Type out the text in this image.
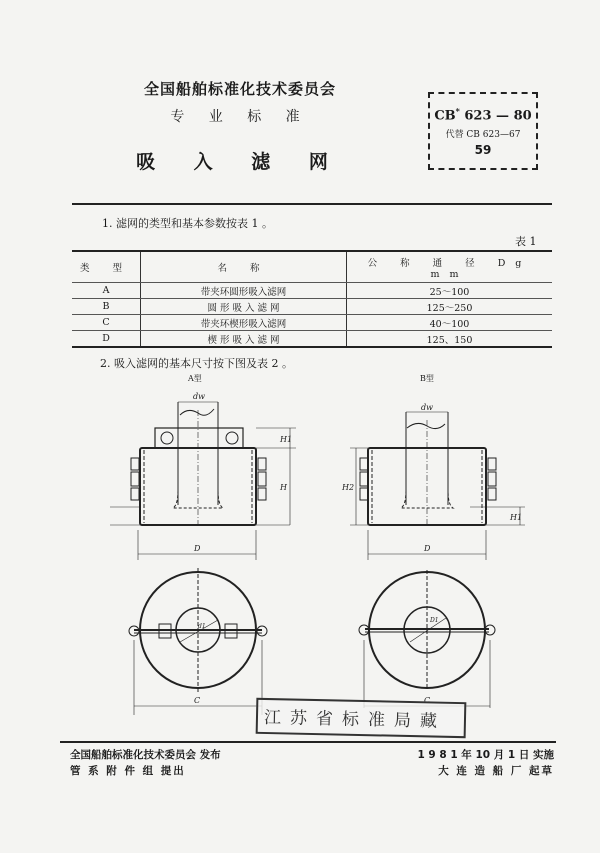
全国船舶标准化技术委员会
专 业 标 准
吸 入 滤 网
CB* 623 — 80
代替 CB 623—67
59
1. 滤网的类型和基本参数按表 1 。
表 1
类 型	名 称	公 称 通 径 Dg mm
A	带夹环圆形吸入滤网	25～100
B	圆 形 吸 入 滤 网	125～250
C	带夹环楔形吸入滤网	40～100
D	楔 形 吸 入 滤 网	125、150
2. 吸入滤网的基本尺寸按下图及表 2 。
A型	B型
dw
H1
H
D
d1
C
dw
H2
H1
D
D1
江苏省标准局藏
全国船舶标准化技术委员会 发布
管 系 附 件 组 提出
1 9 8 1 年 10 月 1 日 实施
大 连 造 船 厂 起草
